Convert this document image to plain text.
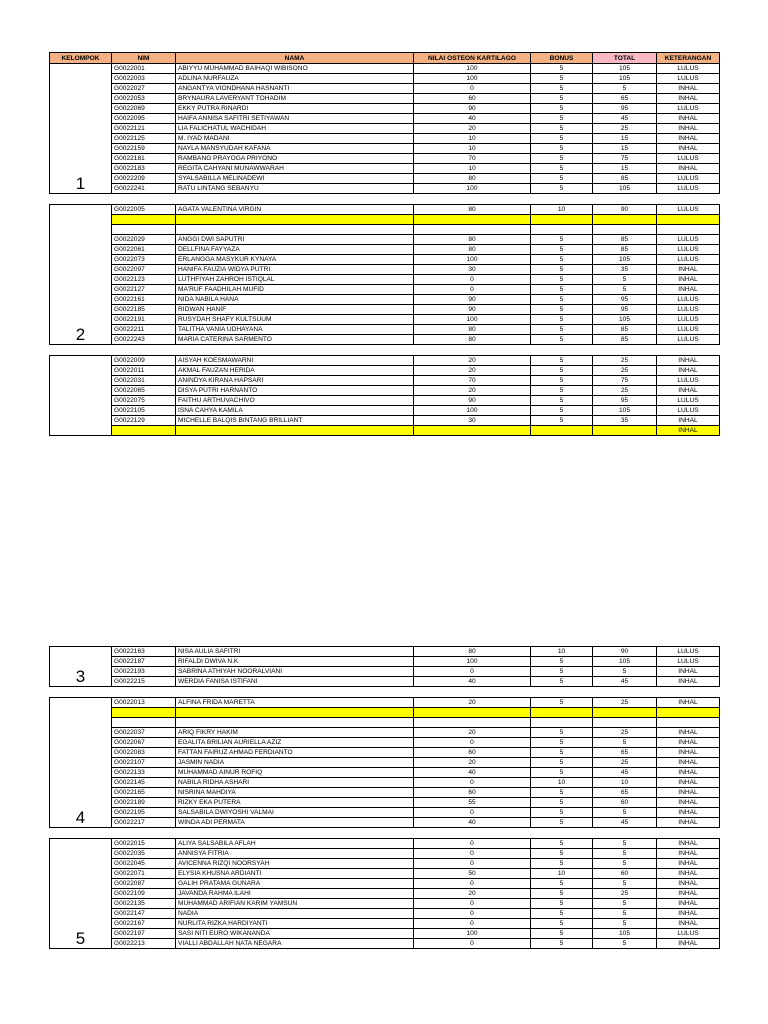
KELOMPOK	NIM	NAMA	NILAI OSTEON KARTILAGO	BONUS	TOTAL	KETERANGAN
1	G0022001	ABIYYU MUHAMMAD BAIHAQI WIBISONO	100	5	105	LULUS
	G0022003	ADLINA NURFAUZA	100	5	105	LULUS
	G0022027	ANGANTYA VIONDHANA HASNANTI	0	5	5	INHAL
	G0022053	BRYNAURA LAVERYANT TOHADIM	60	5	65	INHAL
	G0022069	EKKY PUTRA RINARDI	90	5	95	LULUS
	G0022095	HAIFA ANNISA SAFITRI SETIYAWAN	40	5	45	INHAL
	G0022121	LIA FALICHATUL WACHIDAH	20	5	25	INHAL
	G0022125	M. IYAD MADANI	10	5	15	INHAL
	G0022159	NAYLA MANSYUDAH KAFANA	10	5	15	INHAL
	G0022181	RAMBANG PRAYOGA PRIYONO	70	5	75	LULUS
	G0022183	REGITA CAHYANI MUNAWWARAH	10	5	15	INHAL
	G0022209	SYALSABILLA MELINADEWI	80	5	85	LULUS
	G0022241	RATU LINTANG SEBANYU	100	5	105	LULUS

2	G0022005	AGATA VALENTINA VIRGIN	80	10	90	LULUS

	G0022029	ANGGI DWI SAPUTRI	80	5	85	LULUS
	G0022061	DELLFINA FAYYAZA	80	5	85	LULUS
	G0022073	ERLANGGA MASYKUR KYNAYA	100	5	105	LULUS
	G0022097	HANIFA FAUZIA WIDYA PUTRI	30	5	35	INHAL
	G0022123	LUTHFIYAH ZAHROH ISTIQLAL	0	5	5	INHAL
	G0022127	MA'RUF FAADHILAH MUFID	0	5	5	INHAL
	G0022161	NIDA NABILA HANA	90	5	95	LULUS
	G0022185	RIDWAN HANIF	90	5	95	LULUS
	G0022191	RUSYDAH SHAFY KULTSUUM	100	5	105	LULUS
	G0022211	TALITHA VANIA UDHAYANA	80	5	85	LULUS
	G0022243	MARIA CATERINA SARMENTO	80	5	85	LULUS

	G0022009	AISYAH KOESMAWARNI	20	5	25	INHAL
	G0022011	AKMAL FAUZAN HERIDA	20	5	25	INHAL
	G0022031	ANINDYA KIRANA HAPSARI	70	5	75	LULUS
	G0022065	DISYA PUTRI HARNANTO	20	5	25	INHAL
	G0022075	FAITHU ARTHUVACHIVO	90	5	95	LULUS
	G0022105	ISNA CAHYA KAMILA	100	5	105	LULUS
	G0022129	MICHELLE BALQIS BINTANG BRILLIANT	30	5	35	INHAL
						INHAL
3	G0022163	NISA AULIA SAFITRI	80	10	90	LULUS
	G0022187	RIFALDI DWIVA N.K	100	5	105	LULUS
	G0022193	SABRINA ATHIYAH NOORALVIANI	0	5	5	INHAL
	G0022215	WERDIA FANISA ISTIFANI	40	5	45	INHAL

4	G0022013	ALFINA FRIDA MARETTA	20	5	25	INHAL

	G0022037	ARIQ FIKRY HAKIM	20	5	25	INHAL
	G0022067	EGALITA BRILIAN AURIELLA AZIZ	0	5	5	INHAL
	G0022083	FATTAN FAIRUZ AHMAD FERDIANTO	60	5	65	INHAL
	G0022107	JASMIN NADIA	20	5	25	INHAL
	G0022133	MUHAMMAD AINUR ROFIQ	40	5	45	INHAL
	G0022145	NABILA RIDHA ASHARI	0	10	10	INHAL
	G0022165	NISRINA MAHDIYA	60	5	65	INHAL
	G0022189	RIZKY EKA PUTERA	55	5	60	INHAL
	G0022195	SALSABILA DWIYOSHI VALMAI	0	5	5	INHAL
	G0022217	WINDA ADI PERMATA	40	5	45	INHAL

5	G0022015	ALIYA SALSABILA AFLAH	0	5	5	INHAL
	G0022035	ANNISYA FITRIA	0	5	5	INHAL
	G0022045	AVICENNA RIZQI NOORSYAH	0	5	5	INHAL
	G0022071	ELYSIA KHUSNA ARDIANTI	50	10	60	INHAL
	G0022087	GALIH PRATAMA GUNARA	0	5	5	INHAL
	G0022109	JAVANDA RAHMA ILAHI	20	5	25	INHAL
	G0022135	MUHAMMAD ARIFIAN KARIM YAMSUN	0	5	5	INHAL
	G0022147	NADIA	0	5	5	INHAL
	G0022167	NURLITA RIZKA HARDIYANTI	0	5	5	INHAL
	G0022197	SASI NITI EURO WIKANANDA	100	5	105	LULUS
	G0022213	VIALLI ABDALLAH NATA NEGARA	0	5	5	INHAL
